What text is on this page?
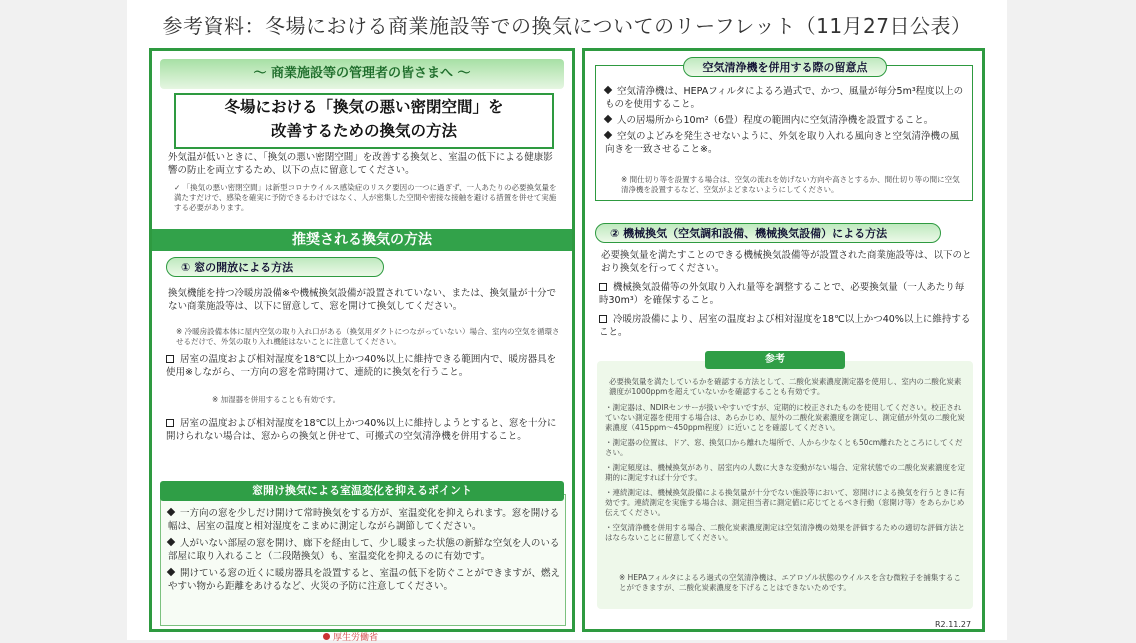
参考資料：冬場における商業施設等での換気についてのリーフレット（11月27日公表）
～ 商業施設等の管理者の皆さまへ ～
冬場における「換気の悪い密閉空間」を
改善するための換気の方法
外気温が低いときに、「換気の悪い密閉空間」を改善する換気と、室温の低下による健康影響の防止を両立するため、以下の点に留意してください。
✓ 「換気の悪い密閉空間」は新型コロナウイルス感染症のリスク要因の一つに過ぎず、一人あたりの必要換気量を満たすだけで、感染を確実に予防できるわけではなく、人が密集した空間や密接な接触を避ける措置を併せて実施する必要があります。
推奨される換気の方法
① 窓の開放による方法
換気機能を持つ冷暖房設備※や機械換気設備が設置されていない、または、換気量が十分でない商業施設等は、以下に留意して、窓を開けて換気してください。
※ 冷暖房設備本体に屋内空気の取り入れ口がある（換気用ダクトにつながっていない）場合、室内の空気を循環させるだけで、外気の取り入れ機能はないことに注意してください。
居室の温度および相対湿度を18℃以上かつ40%以上に維持できる範囲内で、暖房器具を使用※しながら、一方向の窓を常時開けて、連続的に換気を行うこと。
※ 加湿器を併用することも有効です。
居室の温度および相対湿度を18℃以上かつ40%以上に維持しようとすると、窓を十分に開けられない場合は、窓からの換気と併せて、可搬式の空気清浄機を併用すること。
窓開け換気による室温変化を抑えるポイント
一方向の窓を少しだけ開けて常時換気をする方が、室温変化を抑えられます。窓を開ける幅は、居室の温度と相対湿度をこまめに測定しながら調節してください。
人がいない部屋の窓を開け、廊下を経由して、少し暖まった状態の新鮮な空気を人のいる部屋に取り入れること（二段階換気）も、室温変化を抑えるのに有効です。
開けている窓の近くに暖房器具を設置すると、室温の低下を防ぐことができますが、燃えやすい物から距離をあけるなど、火災の予防に注意してください。
空気清浄機を併用する際の留意点
空気清浄機は、HEPAフィルタによるろ過式で、かつ、風量が毎分5m³程度以上のものを使用すること。
人の居場所から10m²（6畳）程度の範囲内に空気清浄機を設置すること。
空気のよどみを発生させないように、外気を取り入れる風向きと空気清浄機の風向きを一致させること※。
※ 間仕切り等を設置する場合は、空気の流れを妨げない方向や高さとするか、間仕切り等の間に空気清浄機を設置するなど、空気がよどまないようにしてください。
② 機械換気（空気調和設備、機械換気設備）による方法
必要換気量を満たすことのできる機械換気設備等が設置された商業施設等は、以下のとおり換気を行ってください。
機械換気設備等の外気取り入れ量等を調整することで、必要換気量（一人あたり毎時30m³）を確保すること。
冷暖房設備により、居室の温度および相対湿度を18℃以上かつ40%以上に維持すること。
参考
必要換気量を満たしているかを確認する方法として、二酸化炭素濃度測定器を使用し、室内の二酸化炭素濃度が1000ppmを超えていないかを確認することも有効です。
・測定器は、NDIRセンサーが扱いやすいですが、定期的に校正されたものを使用してください。校正されていない測定器を使用する場合は、あらかじめ、屋外の二酸化炭素濃度を測定し、測定値が外気の二酸化炭素濃度（415ppm～450ppm程度）に近いことを確認してください。
・測定器の位置は、ドア、窓、換気口から離れた場所で、人から少なくとも50cm離れたところにしてください。
・測定頻度は、機械換気があり、居室内の人数に大きな変動がない場合、定常状態での二酸化炭素濃度を定期的に測定すれば十分です。
・連続測定は、機械換気設備による換気量が十分でない施設等において、窓開けによる換気を行うときに有効です。連続測定を実施する場合は、測定担当者に測定値に応じてとるべき行動（窓開け等）をあらかじめ伝えてください。
・空気清浄機を併用する場合、二酸化炭素濃度測定は空気清浄機の効果を評価するための適切な評価方法とはならないことに留意してください。
※ HEPAフィルタによるろ過式の空気清浄機は、エアロゾル状態のウイルスを含む微粒子を捕集することができますが、二酸化炭素濃度を下げることはできないためです。
厚生労働省
R2.11.27
